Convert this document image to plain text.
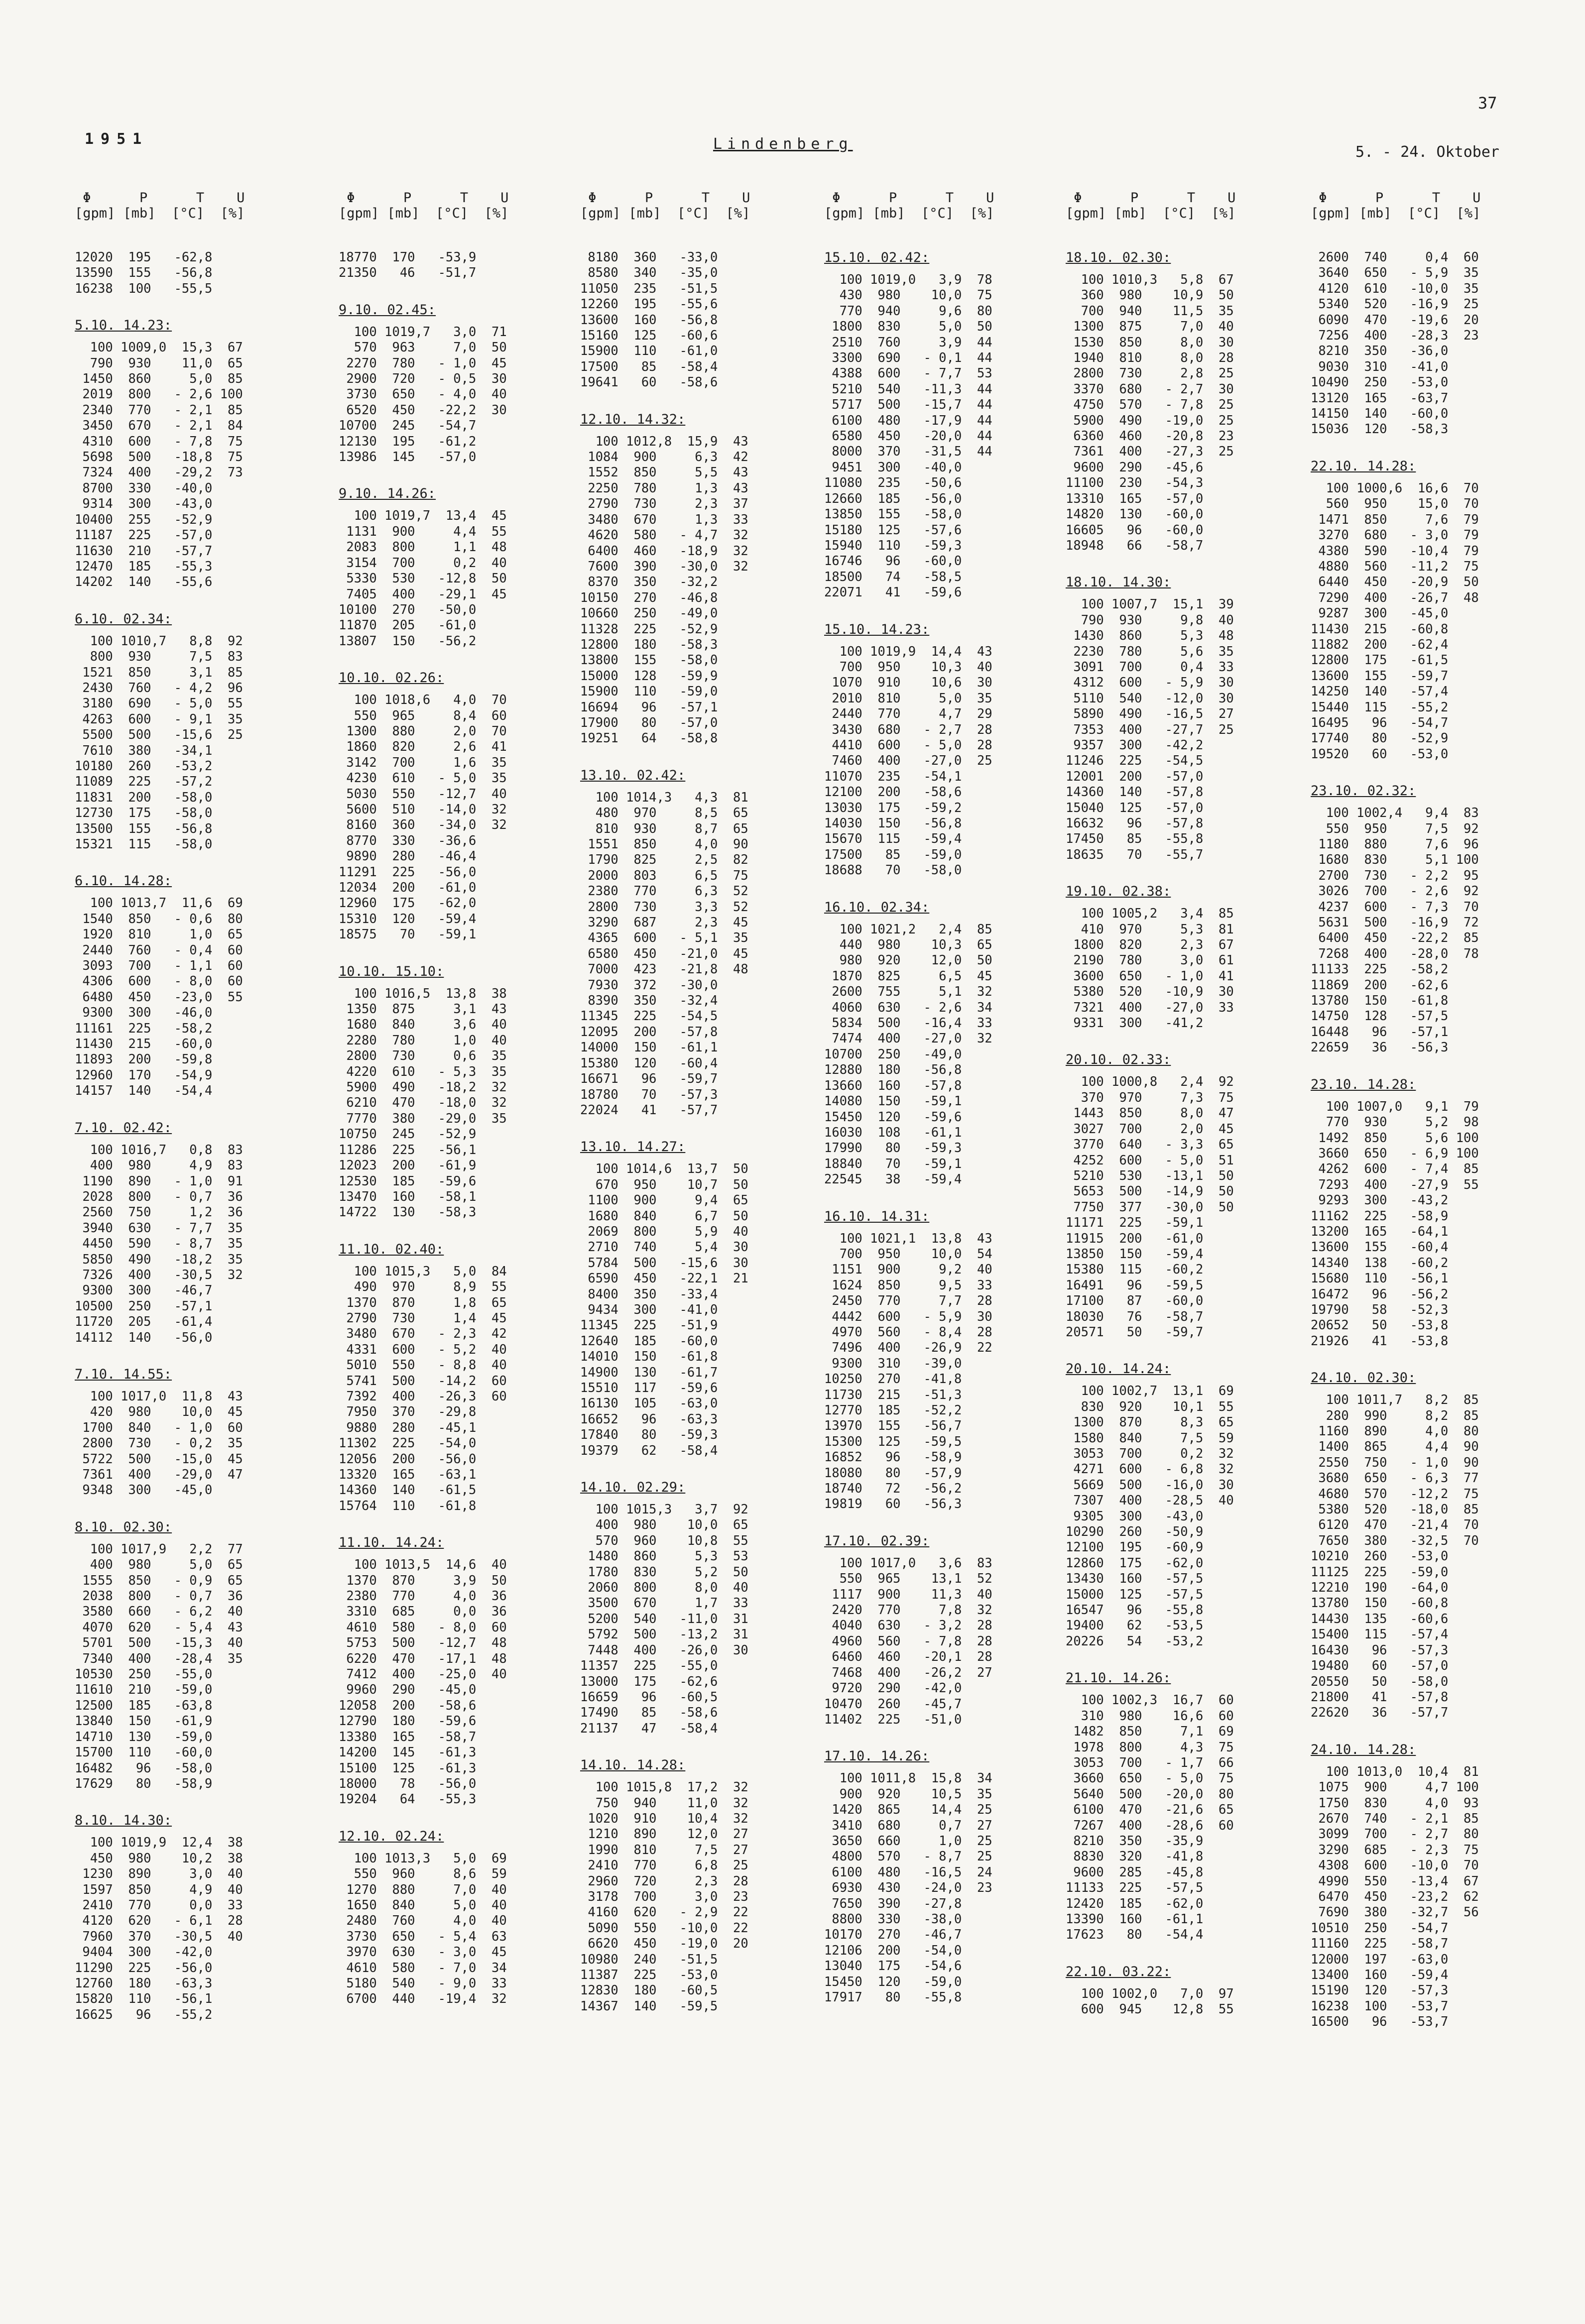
37
1951	Lindenberg	5. - 24. Oktober
Φ      P      T    U
[gpm] [mb]  [°C]  [%]
12020  195   -62,8
13590  155   -56,8
16238  100   -55,5
5.10. 14.23:
100 1009,0  15,3  67
790  930    11,0  65
1450  860     5,0  85
2019  800   - 2,6 100
2340  770   - 2,1  85
3450  670   - 2,1  84
4310  600   - 7,8  75
5698  500   -18,8  75
7324  400   -29,2  73
8700  330   -40,0
9314  300   -43,0
10400  255   -52,9
11187  225   -57,0
11630  210   -57,7
12470  185   -55,3
14202  140   -55,6
6.10. 02.34:
100 1010,7   8,8  92
800  930     7,5  83
1521  850     3,1  85
2430  760   - 4,2  96
3180  690   - 5,0  55
4263  600   - 9,1  35
5500  500   -15,6  25
7610  380   -34,1
10180  260   -53,2
11089  225   -57,2
11831  200   -58,0
12730  175   -58,0
13500  155   -56,8
15321  115   -58,0
6.10. 14.28:
100 1013,7  11,6  69
1540  850   - 0,6  80
1920  810     1,0  65
2440  760   - 0,4  60
3093  700   - 1,1  60
4306  600   - 8,0  60
6480  450   -23,0  55
9300  300   -46,0
11161  225   -58,2
11430  215   -60,0
11893  200   -59,8
12960  170   -54,9
14157  140   -54,4
7.10. 02.42:
100 1016,7   0,8  83
400  980     4,9  83
1190  890   - 1,0  91
2028  800   - 0,7  36
2560  750     1,2  36
3940  630   - 7,7  35
4450  590   - 8,7  35
5850  490   -18,2  35
7326  400   -30,5  32
9300  300   -46,7
10500  250   -57,1
11720  205   -61,4
14112  140   -56,0
7.10. 14.55:
100 1017,0  11,8  43
420  980    10,0  45
1700  840   - 1,0  60
2800  730   - 0,2  35
5722  500   -15,0  45
7361  400   -29,0  47
9348  300   -45,0
8.10. 02.30:
100 1017,9   2,2  77
400  980     5,0  65
1555  850   - 0,9  65
2038  800   - 0,7  36
3580  660   - 6,2  40
4070  620   - 5,4  43
5701  500   -15,3  40
7340  400   -28,4  35
10530  250   -55,0
11610  210   -59,0
12500  185   -63,8
13840  150   -61,9
14710  130   -59,0
15700  110   -60,0
16482   96   -58,0
17629   80   -58,9
8.10. 14.30:
100 1019,9  12,4  38
450  980    10,2  38
1230  890     3,0  40
1597  850     4,9  40
2410  770     0,0  33
4120  620   - 6,1  28
7960  370   -30,5  40
9404  300   -42,0
11290  225   -56,0
12760  180   -63,3
15820  110   -56,1
16625   96   -55,2
Φ      P      T    U
[gpm] [mb]  [°C]  [%]
18770  170   -53,9
21350   46   -51,7
9.10. 02.45:
100 1019,7   3,0  71
570  963     7,0  50
2270  780   - 1,0  45
2900  720   - 0,5  30
3730  650   - 4,0  40
6520  450   -22,2  30
10700  245   -54,7
12130  195   -61,2
13986  145   -57,0
9.10. 14.26:
100 1019,7  13,4  45
1131  900     4,4  55
2083  800     1,1  48
3154  700     0,2  40
5330  530   -12,8  50
7405  400   -29,1  45
10100  270   -50,0
11870  205   -61,0
13807  150   -56,2
10.10. 02.26:
100 1018,6   4,0  70
550  965     8,4  60
1300  880     2,0  70
1860  820     2,6  41
3142  700     1,6  35
4230  610   - 5,0  35
5030  550   -12,7  40
5600  510   -14,0  32
8160  360   -34,0  32
8770  330   -36,6
9890  280   -46,4
11291  225   -56,0
12034  200   -61,0
12960  175   -62,0
15310  120   -59,4
18575   70   -59,1
10.10. 15.10:
100 1016,5  13,8  38
1350  875     3,1  43
1680  840     3,6  40
2280  780     1,0  40
2800  730     0,6  35
4220  610   - 5,3  35
5900  490   -18,2  32
6210  470   -18,0  32
7770  380   -29,0  35
10750  245   -52,9
11286  225   -56,1
12023  200   -61,9
12530  185   -59,6
13470  160   -58,1
14722  130   -58,3
11.10. 02.40:
100 1015,3   5,0  84
490  970     8,9  55
1370  870     1,8  65
2790  730     1,4  45
3480  670   - 2,3  42
4331  600   - 5,2  40
5010  550   - 8,8  40
5741  500   -14,2  60
7392  400   -26,3  60
7950  370   -29,8
9880  280   -45,1
11302  225   -54,0
12056  200   -56,0
13320  165   -63,1
14360  140   -61,5
15764  110   -61,8
11.10. 14.24:
100 1013,5  14,6  40
1370  870     3,9  50
2380  770     4,0  36
3310  685     0,0  36
4610  580   - 8,0  60
5753  500   -12,7  48
6220  470   -17,1  48
7412  400   -25,0  40
9960  290   -45,0
12058  200   -58,6
12790  180   -59,6
13380  165   -58,7
14200  145   -61,3
15100  125   -61,3
18000   78   -56,0
19204   64   -55,3
12.10. 02.24:
100 1013,3   5,0  69
550  960     8,6  59
1270  880     7,0  40
1650  840     5,0  40
2480  760     4,0  40
3730  650   - 5,4  63
3970  630   - 3,0  45
4610  580   - 7,0  34
5180  540   - 9,0  33
6700  440   -19,4  32
Φ      P      T    U
[gpm] [mb]  [°C]  [%]
8180  360   -33,0
8580  340   -35,0
11050  235   -51,5
12260  195   -55,6
13600  160   -56,8
15160  125   -60,6
15900  110   -61,0
17500   85   -58,4
19641   60   -58,6
12.10. 14.32:
100 1012,8  15,9  43
1084  900     6,3  42
1552  850     5,5  43
2250  780     1,3  43
2790  730     2,3  37
3480  670     1,3  33
4620  580   - 4,7  32
6400  460   -18,9  32
7600  390   -30,0  32
8370  350   -32,2
10150  270   -46,8
10660  250   -49,0
11328  225   -52,9
12800  180   -58,3
13800  155   -58,0
15000  128   -59,9
15900  110   -59,0
16694   96   -57,1
17900   80   -57,0
19251   64   -58,8
13.10. 02.42:
100 1014,3   4,3  81
480  970     8,5  65
810  930     8,7  65
1551  850     4,0  90
1790  825     2,5  82
2000  803     6,5  75
2380  770     6,3  52
2800  730     3,3  52
3290  687     2,3  45
4365  600   - 5,1  35
6580  450   -21,0  45
7000  423   -21,8  48
7930  372   -30,0
8390  350   -32,4
11345  225   -54,5
12095  200   -57,8
14000  150   -61,1
15380  120   -60,4
16671   96   -59,7
18780   70   -57,3
22024   41   -57,7
13.10. 14.27:
100 1014,6  13,7  50
670  950    10,7  50
1100  900     9,4  65
1680  840     6,7  50
2069  800     5,9  40
2710  740     5,4  30
5784  500   -15,6  30
6590  450   -22,1  21
8400  350   -33,4
9434  300   -41,0
11345  225   -51,9
12640  185   -60,0
14010  150   -61,8
14900  130   -61,7
15510  117   -59,6
16130  105   -63,0
16652   96   -63,3
17840   80   -59,3
19379   62   -58,4
14.10. 02.29:
100 1015,3   3,7  92
400  980    10,0  65
570  960    10,8  55
1480  860     5,3  53
1780  830     5,2  50
2060  800     8,0  40
3500  670     1,7  33
5200  540   -11,0  31
5792  500   -13,2  31
7448  400   -26,0  30
11357  225   -55,0
13000  175   -62,6
16659   96   -60,5
17490   85   -58,6
21137   47   -58,4
14.10. 14.28:
100 1015,8  17,2  32
750  940    11,0  32
1020  910    10,4  32
1210  890    12,0  27
1990  810     7,5  27
2410  770     6,8  25
2960  720     2,3  28
3178  700     3,0  23
4160  620   - 2,9  22
5090  550   -10,0  22
6620  450   -19,0  20
10980  240   -51,5
11387  225   -53,0
12830  180   -60,5
14367  140   -59,5
Φ      P      T    U
[gpm] [mb]  [°C]  [%]
15.10. 02.42:
100 1019,0   3,9  78
430  980    10,0  75
770  940     9,6  80
1800  830     5,0  50
2510  760     3,9  44
3300  690   - 0,1  44
4388  600   - 7,7  53
5210  540   -11,3  44
5717  500   -15,7  44
6100  480   -17,9  44
6580  450   -20,0  44
8000  370   -31,5  44
9451  300   -40,0
11080  235   -50,6
12660  185   -56,0
13850  155   -58,0
15180  125   -57,6
15940  110   -59,3
16746   96   -60,0
18500   74   -58,5
22071   41   -59,6
15.10. 14.23:
100 1019,9  14,4  43
700  950    10,3  40
1070  910    10,6  30
2010  810     5,0  35
2440  770     4,7  29
3430  680   - 2,7  28
4410  600   - 5,0  28
7460  400   -27,0  25
11070  235   -54,1
12100  200   -58,6
13030  175   -59,2
14030  150   -56,8
15670  115   -59,4
17500   85   -59,0
18688   70   -58,0
16.10. 02.34:
100 1021,2   2,4  85
440  980    10,3  65
980  920    12,0  50
1870  825     6,5  45
2600  755     5,1  32
4060  630   - 2,6  34
5834  500   -16,4  33
7474  400   -27,0  32
10700  250   -49,0
12880  180   -56,8
13660  160   -57,8
14080  150   -59,1
15450  120   -59,6
16030  108   -61,1
17990   80   -59,3
18840   70   -59,1
22545   38   -59,4
16.10. 14.31:
100 1021,1  13,8  43
700  950    10,0  54
1151  900     9,2  40
1624  850     9,5  33
2450  770     7,7  28
4442  600   - 5,9  30
4970  560   - 8,4  28
7496  400   -26,9  22
9300  310   -39,0
10250  270   -41,8
11730  215   -51,3
12770  185   -52,2
13970  155   -56,7
15300  125   -59,5
16852   96   -58,9
18080   80   -57,9
18740   72   -56,2
19819   60   -56,3
17.10. 02.39:
100 1017,0   3,6  83
550  965    13,1  52
1117  900    11,3  40
2420  770     7,8  32
4040  630   - 3,2  28
4960  560   - 7,8  28
6460  460   -20,1  28
7468  400   -26,2  27
9720  290   -42,0
10470  260   -45,7
11402  225   -51,0
17.10. 14.26:
100 1011,8  15,8  34
900  920    10,5  35
1420  865    14,4  25
3410  680     0,7  27
3650  660     1,0  25
4800  570   - 8,7  25
6100  480   -16,5  24
6930  430   -24,0  23
7650  390   -27,8
8800  330   -38,0
10170  270   -46,7
12106  200   -54,0
13040  175   -54,6
15450  120   -59,0
17917   80   -55,8
Φ      P      T    U
[gpm] [mb]  [°C]  [%]
18.10. 02.30:
100 1010,3   5,8  67
360  980    10,9  50
700  940    11,5  35
1300  875     7,0  40
1530  850     8,0  30
1940  810     8,0  28
2800  730     2,8  25
3370  680   - 2,7  30
4750  570   - 7,8  25
5900  490   -19,0  25
6360  460   -20,8  23
7361  400   -27,3  25
9600  290   -45,6
11100  230   -54,3
13310  165   -57,0
14820  130   -60,0
16605   96   -60,0
18948   66   -58,7
18.10. 14.30:
100 1007,7  15,1  39
790  930     9,8  40
1430  860     5,3  48
2230  780     5,6  35
3091  700     0,4  33
4312  600   - 5,9  30
5110  540   -12,0  30
5890  490   -16,5  27
7353  400   -27,7  25
9357  300   -42,2
11246  225   -54,5
12001  200   -57,0
14360  140   -57,8
15040  125   -57,0
16632   96   -57,8
17450   85   -55,8
18635   70   -55,7
19.10. 02.38:
100 1005,2   3,4  85
410  970     5,3  81
1800  820     2,3  67
2190  780     3,0  61
3600  650   - 1,0  41
5380  520   -10,9  30
7321  400   -27,0  33
9331  300   -41,2
20.10. 02.33:
100 1000,8   2,4  92
370  970     7,3  75
1443  850     8,0  47
3027  700     2,0  45
3770  640   - 3,3  65
4252  600   - 5,0  51
5210  530   -13,1  50
5653  500   -14,9  50
7750  377   -30,0  50
11171  225   -59,1
11915  200   -61,0
13850  150   -59,4
15380  115   -60,2
16491   96   -59,5
17100   87   -60,0
18030   76   -58,7
20571   50   -59,7
20.10. 14.24:
100 1002,7  13,1  69
830  920    10,1  55
1300  870     8,3  65
1580  840     7,5  59
3053  700     0,2  32
4271  600   - 6,8  32
5669  500   -16,0  30
7307  400   -28,5  40
9305  300   -43,0
10290  260   -50,9
12100  195   -60,9
12860  175   -62,0
13430  160   -57,5
15000  125   -57,5
16547   96   -55,8
19400   62   -53,5
20226   54   -53,2
21.10. 14.26:
100 1002,3  16,7  60
310  980    16,6  60
1482  850     7,1  69
1978  800     4,3  75
3053  700   - 1,7  66
3660  650   - 5,0  75
5640  500   -20,0  80
6100  470   -21,6  65
7267  400   -28,6  60
8210  350   -35,9
8830  320   -41,8
9600  285   -45,8
11133  225   -57,5
12420  185   -62,0
13390  160   -61,1
17623   80   -54,4
22.10. 03.22:
100 1002,0   7,0  97
600  945    12,8  55
Φ      P      T    U
[gpm] [mb]  [°C]  [%]
2600  740     0,4  60
3640  650   - 5,9  35
4120  610   -10,0  35
5340  520   -16,9  25
6090  470   -19,6  20
7256  400   -28,3  23
8210  350   -36,0
9030  310   -41,0
10490  250   -53,0
13120  165   -63,7
14150  140   -60,0
15036  120   -58,3
22.10. 14.28:
100 1000,6  16,6  70
560  950    15,0  70
1471  850     7,6  79
3270  680   - 3,0  79
4380  590   -10,4  79
4880  560   -11,2  75
6440  450   -20,9  50
7290  400   -26,7  48
9287  300   -45,0
11430  215   -60,8
11882  200   -62,4
12800  175   -61,5
13600  155   -59,7
14250  140   -57,4
15440  115   -55,2
16495   96   -54,7
17740   80   -52,9
19520   60   -53,0
23.10. 02.32:
100 1002,4   9,4  83
550  950     7,5  92
1180  880     7,6  96
1680  830     5,1 100
2700  730   - 2,2  95
3026  700   - 2,6  92
4237  600   - 7,3  70
5631  500   -16,9  72
6400  450   -22,2  85
7268  400   -28,0  78
11133  225   -58,2
11869  200   -62,6
13780  150   -61,8
14750  128   -57,5
16448   96   -57,1
22659   36   -56,3
23.10. 14.28:
100 1007,0   9,1  79
770  930     5,2  98
1492  850     5,6 100
3660  650   - 6,9 100
4262  600   - 7,4  85
7293  400   -27,9  55
9293  300   -43,2
11162  225   -58,9
13200  165   -64,1
13600  155   -60,4
14340  138   -60,2
15680  110   -56,1
16472   96   -56,2
19790   58   -52,3
20652   50   -53,8
21926   41   -53,8
24.10. 02.30:
100 1011,7   8,2  85
280  990     8,2  85
1160  890     4,0  80
1400  865     4,4  90
2550  750   - 1,0  90
3680  650   - 6,3  77
4680  570   -12,2  75
5380  520   -18,0  85
6120  470   -21,4  70
7650  380   -32,5  70
10210  260   -53,0
11125  225   -59,0
12210  190   -64,0
13780  150   -60,8
14430  135   -60,6
15400  115   -57,4
16430   96   -57,3
19480   60   -57,0
20550   50   -58,0
21800   41   -57,8
22620   36   -57,7
24.10. 14.28:
100 1013,0  10,4  81
1075  900     4,7 100
1750  830     4,0  93
2670  740   - 2,1  85
3099  700   - 2,7  80
3290  685   - 2,3  75
4308  600   -10,0  70
4990  550   -13,4  67
6470  450   -23,2  62
7690  380   -32,7  56
10510  250   -54,7
11160  225   -58,7
12000  197   -63,0
13400  160   -59,4
15190  120   -57,3
16238  100   -53,7
16500   96   -53,7
